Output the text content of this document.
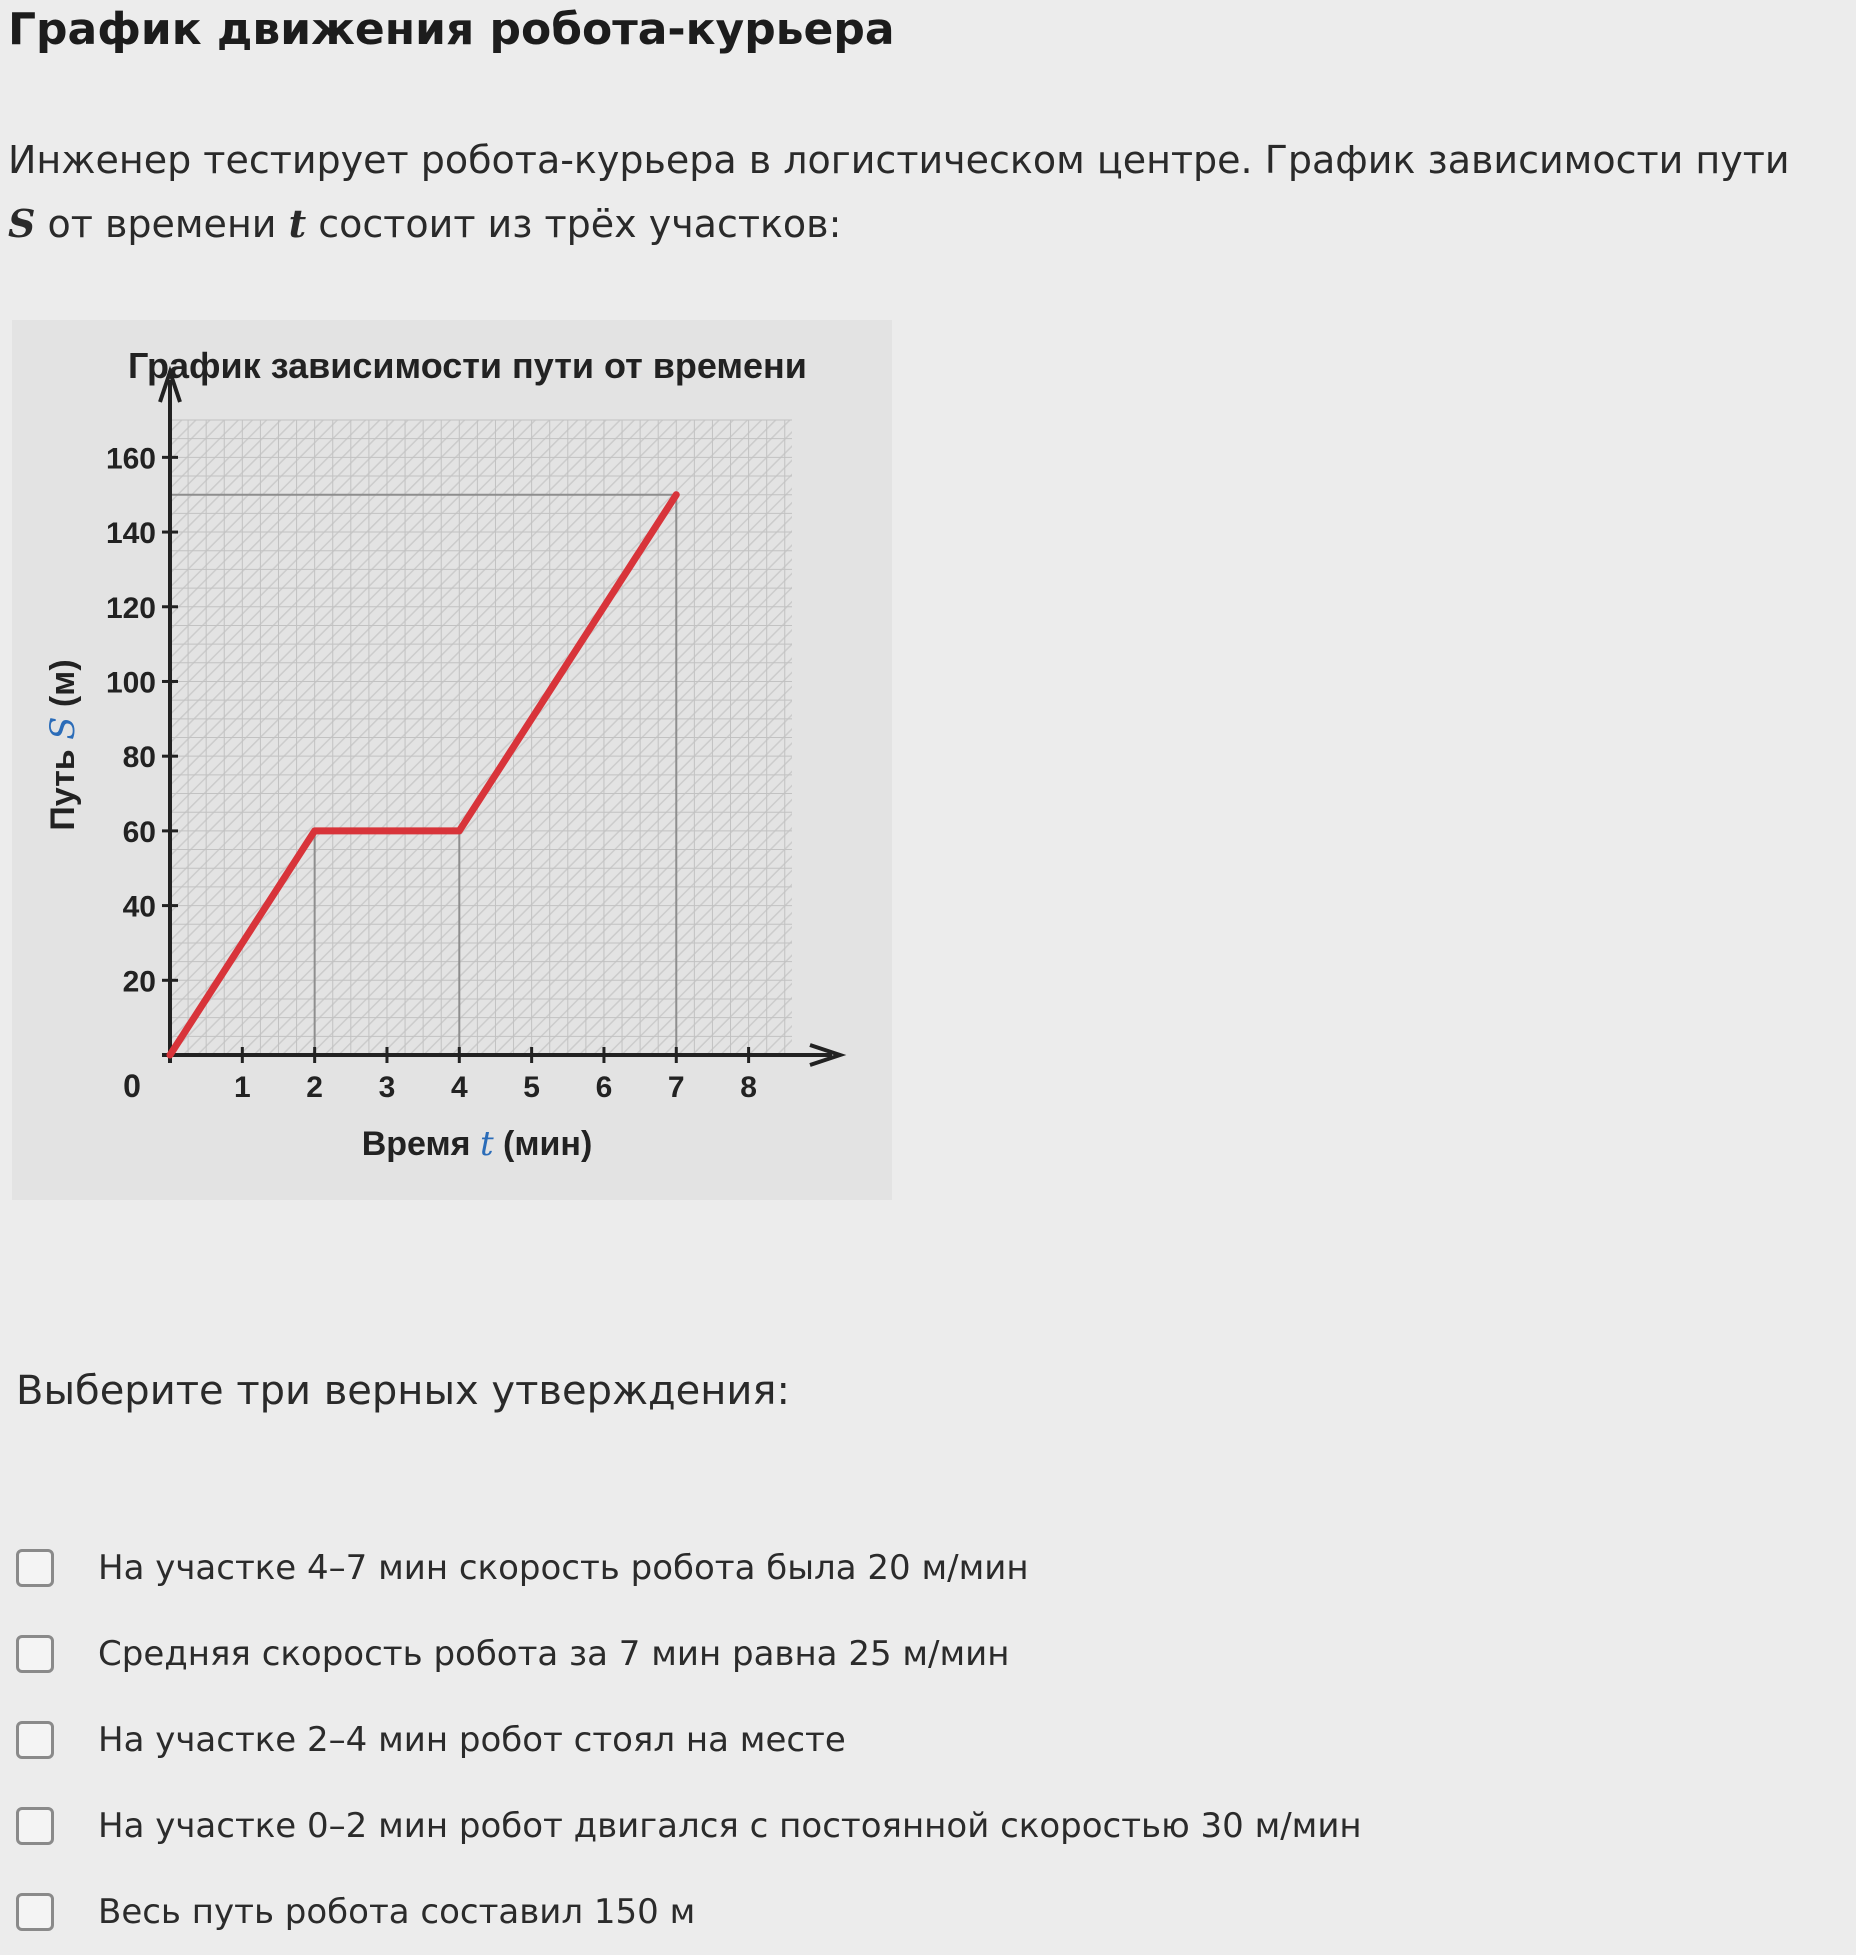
График движения робота-курьера

Инженер тестирует робота-курьера в логистическом центре. График зависимости пути S от времени t состоит из трёх участков:

График зависимости пути от времени
1 2 3 4 5 6 7 8
20
40
60
80
100
120
140
160
0
Время t (мин)
Путь S (м)

Выберите три верных утверждения:

На участке 4–7 мин скорость робота была 20 м/мин
Средняя скорость робота за 7 мин равна 25 м/мин
На участке 2–4 мин робот стоял на месте
На участке 0–2 мин робот двигался с постоянной скоростью 30 м/мин
Весь путь робота составил 150 м
